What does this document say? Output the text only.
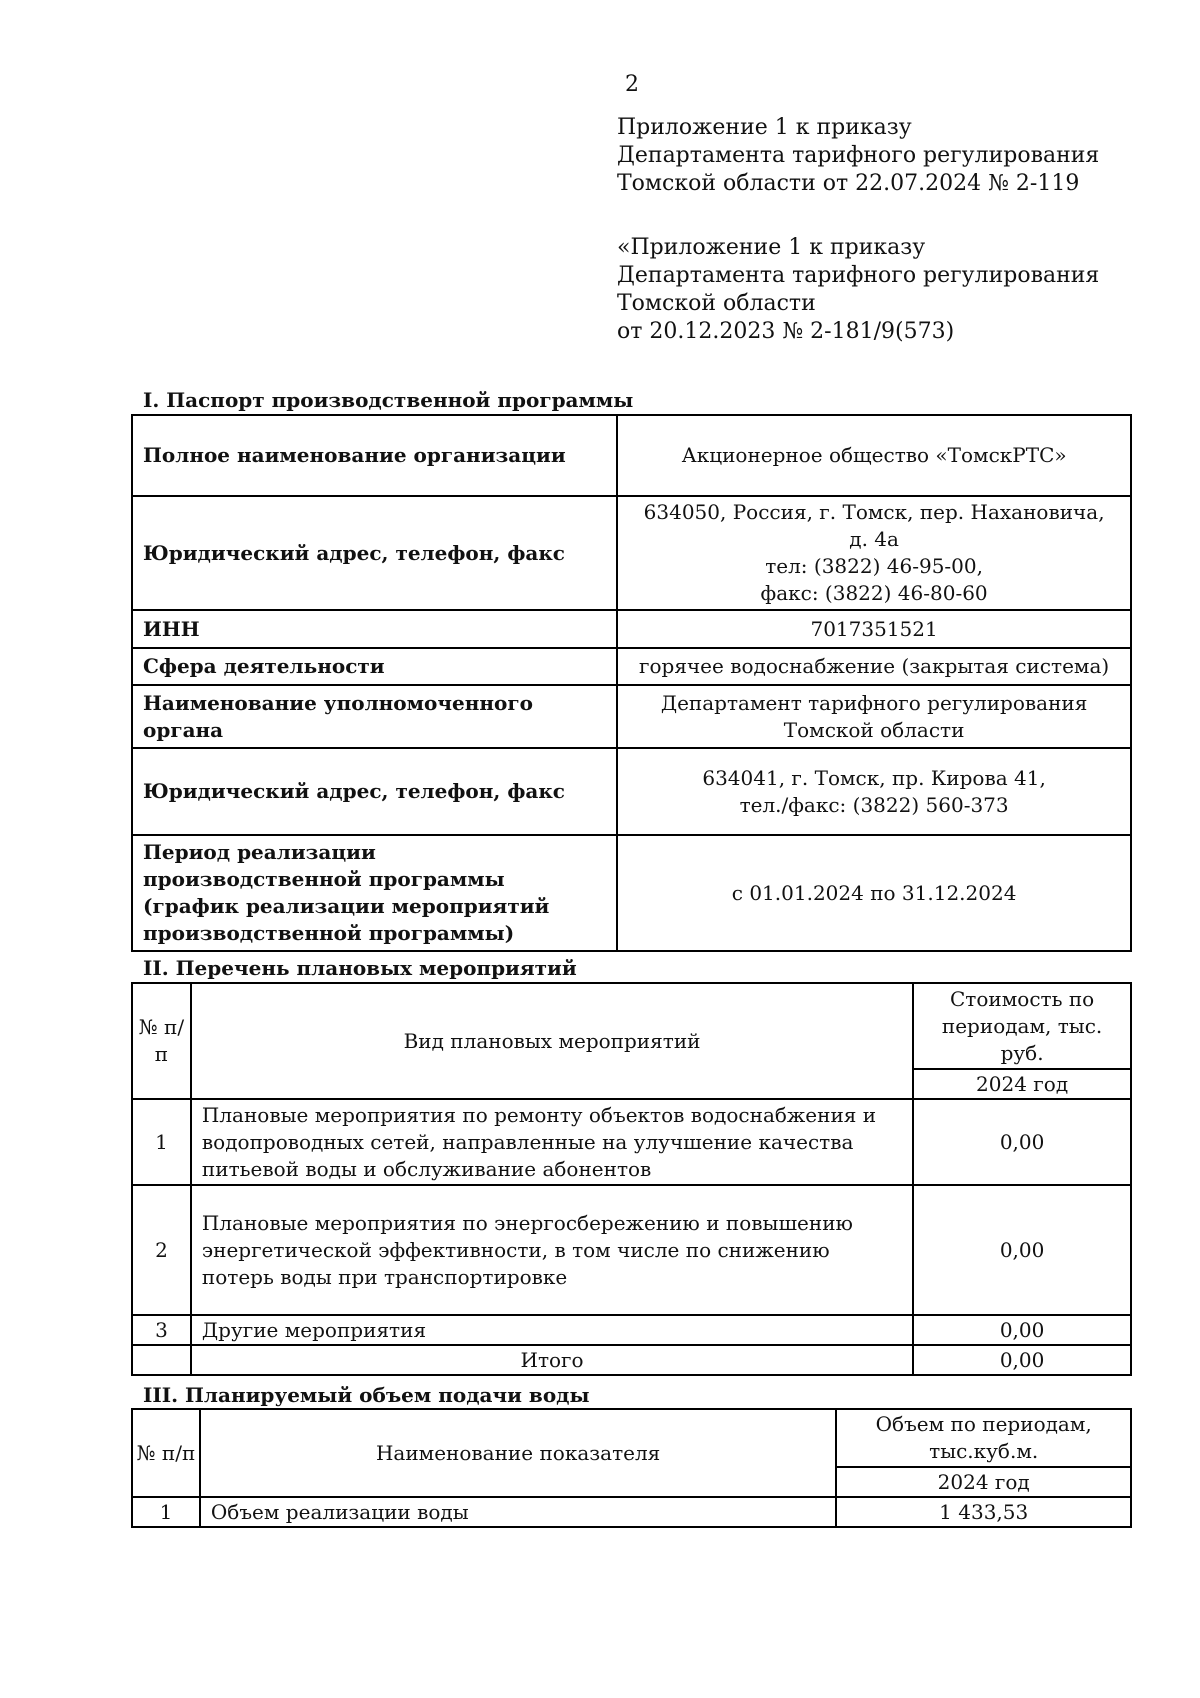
2
Приложение 1 к приказу
Департамента тарифного регулирования
Томской области от 22.07.2024 № 2-119
«Приложение 1 к приказу
Департамента тарифного регулирования
Томской области
от 20.12.2023 № 2-181/9(573)
I. Паспорт производственной программы
Полное наименование организации	Акционерное общество «ТомскРТС»

Юридический адрес, телефон, факс	634050, Россия, г. Томск, пер. Нахановича,
д. 4а
тел: (3822) 46-95-00,
факс: (3822) 46-80-60

ИНН	7017351521

Сфера деятельности	горячее водоснабжение (закрытая система)

Наименование уполномоченного органа	Департамент тарифного регулирования
Томской области

Юридический адрес, телефон, факс	634041, г. Томск, пр. Кирова 41,
тел./факс: (3822) 560-373

Период реализации производственной программы (график реализации мероприятий производственной программы)	с 01.01.2024 по 31.12.2024
II. Перечень плановых мероприятий
№ п/п	Вид плановых мероприятий	Стоимость по периодам, тыс. руб.
		2024 год
1	Плановые мероприятия по ремонту объектов водоснабжения и водопроводных сетей, направленные на улучшение качества питьевой воды и обслуживание абонентов	0,00
2	Плановые мероприятия по энергосбережению и повышению энергетической эффективности, в том числе по снижению потерь воды при транспортировке	0,00
3	Другие мероприятия	0,00
	Итого	0,00
III. Планируемый объем подачи воды
№ п/п	Наименование показателя	Объем по периодам, тыс.куб.м.
		2024 год
1	Объем реализации воды	1 433,53
